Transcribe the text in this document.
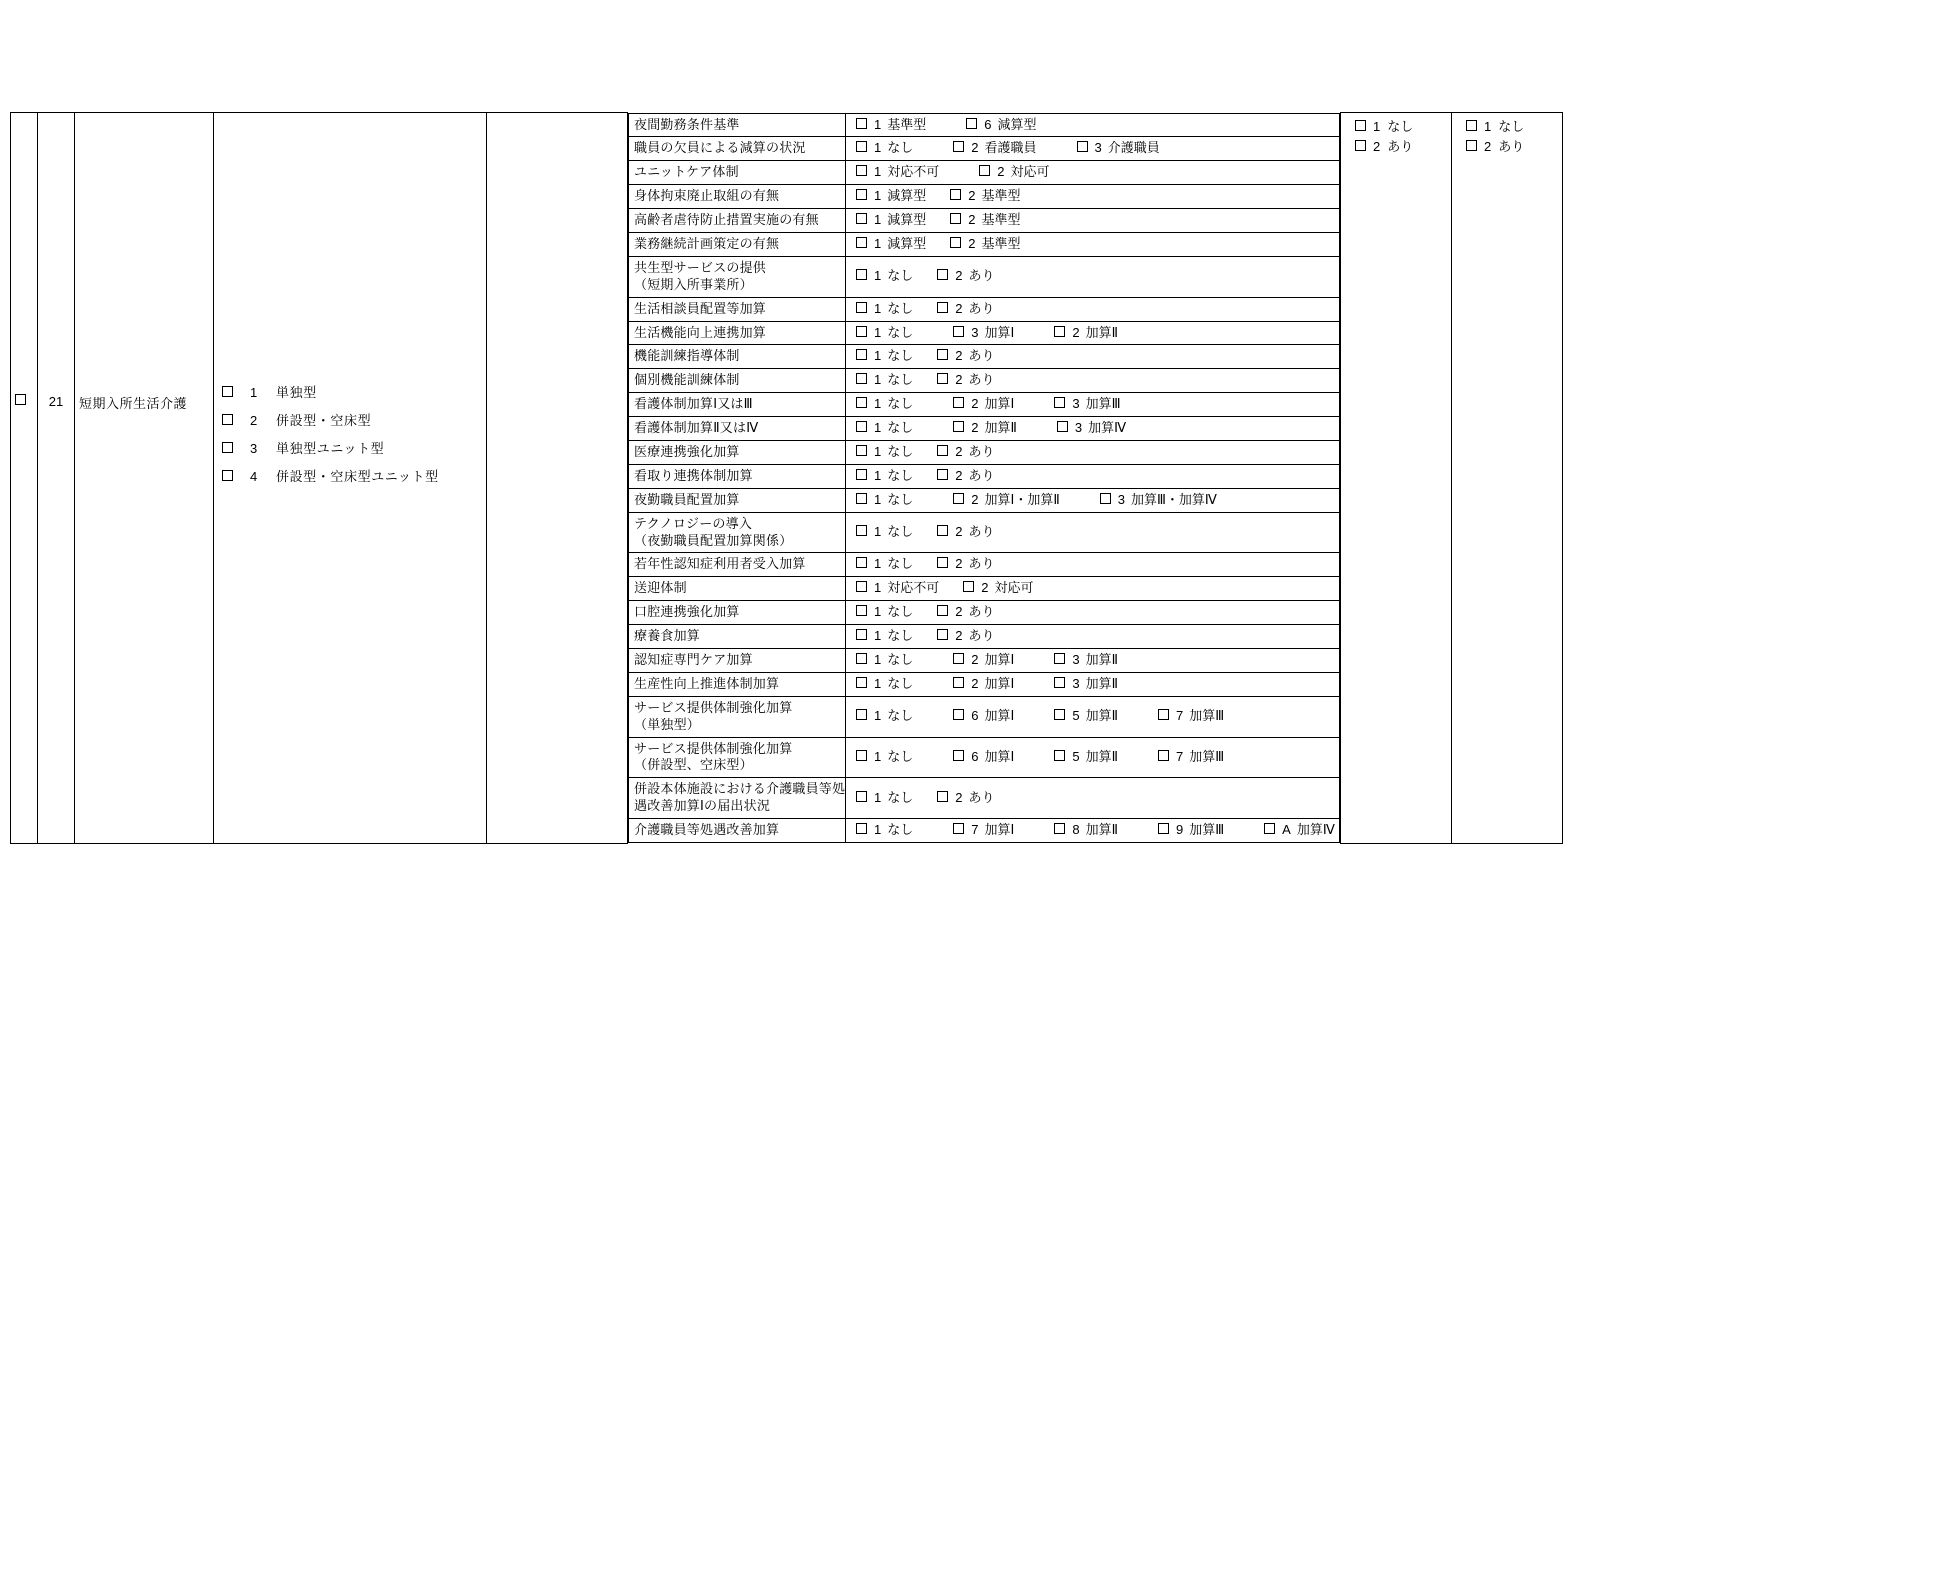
21	短期入所生活介護

1	単独型
2	併設型・空床型
3	単独型ユニット型
4	併設型・空床型ユニット型

夜間勤務条件基準	1 基準型	6 減算型

職員の欠員による減算の状況	1 なし	2 看護職員	3 介護職員

ユニットケア体制	1 対応不可	2 対応可

身体拘束廃止取組の有無	1 減算型	2 基準型

高齢者虐待防止措置実施の有無	1 減算型	2 基準型

業務継続計画策定の有無	1 減算型	2 基準型

共生型サービスの提供
（短期入所事業所）
	1 なし	2 あり

生活相談員配置等加算	1 なし	2 あり

生活機能向上連携加算	1 なし	3 加算Ⅰ	2 加算Ⅱ

機能訓練指導体制	1 なし	2 あり

個別機能訓練体制	1 なし	2 あり

看護体制加算Ⅰ又はⅢ	1 なし	2 加算Ⅰ	3 加算Ⅲ

看護体制加算Ⅱ又はⅣ	1 なし	2 加算Ⅱ	3 加算Ⅳ

医療連携強化加算	1 なし	2 あり

看取り連携体制加算	1 なし	2 あり

夜勤職員配置加算	1 なし	2 加算Ⅰ・加算Ⅱ	3 加算Ⅲ・加算Ⅳ

テクノロジーの導入
（夜勤職員配置加算関係）
	1 なし	2 あり

若年性認知症利用者受入加算	1 なし	2 あり

送迎体制	1 対応不可	2 対応可

口腔連携強化加算	1 なし	2 あり

療養食加算	1 なし	2 あり

認知症専門ケア加算	1 なし	2 加算Ⅰ	3 加算Ⅱ

生産性向上推進体制加算	1 なし	2 加算Ⅰ	3 加算Ⅱ

サービス提供体制強化加算
（単独型）
	1 なし	6 加算Ⅰ	5 加算Ⅱ	7 加算Ⅲ

サービス提供体制強化加算
（併設型、空床型）
	1 なし	6 加算Ⅰ	5 加算Ⅱ	7 加算Ⅲ

併設本体施設における介護職員等処
遇改善加算Ⅰの届出状況
	1 なし	2 あり

介護職員等処遇改善加算	1 なし	7 加算Ⅰ	8 加算Ⅱ	9 加算Ⅲ	A 加算Ⅳ

1 なし
2 あり

1 なし
2 あり
